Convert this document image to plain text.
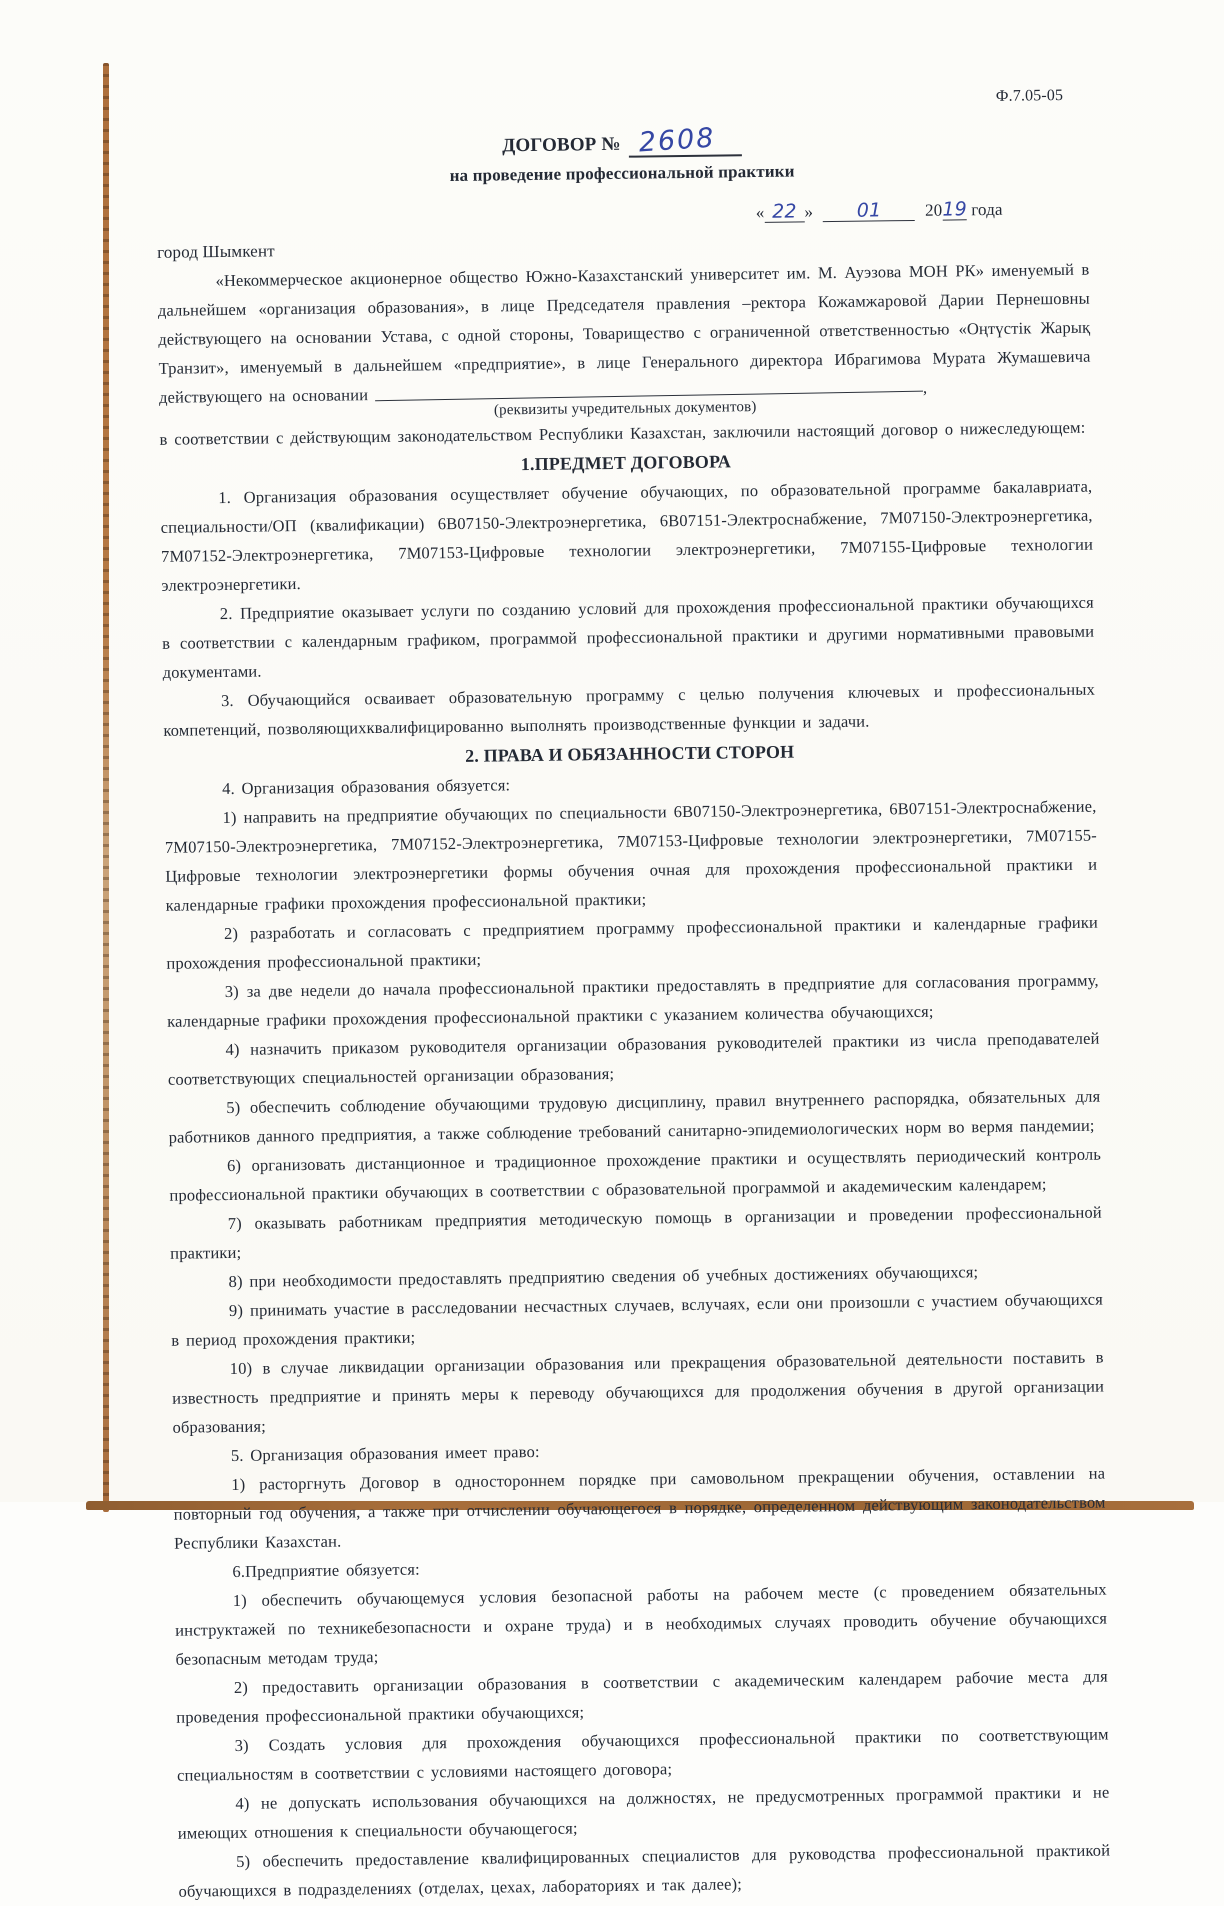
Ф.7.05-05
ДОГОВОР № 2608
на проведение профессиональной практики
« 22 » 01	2019 года
город Шымкент

«Некоммерческое акционерное общество Южно-Казахстанский университет им. М. Ауэзова МОН РК» именуемый в дальнейшем «организация образования», в лице Председателя правления –ректора Кожамжаровой Дарии Пернешовны действующего на основании Устава, с одной стороны, Товарищество с ограниченной ответственностью «Оңтүстік Жарық Транзит», именуемый в дальнейшем «предприятие», в лице Генерального директора Ибрагимова Мурата Жумашевича действующего на основании	,

(реквизиты учредительных документов)

в соответствии с действующим законодательством Республики Казахстан, заключили настоящий договор о нижеследующем:

1.ПРЕДМЕТ ДОГОВОРА

1. Организация образования осуществляет обучение обучающих, по образовательной программе бакалавриата, специальности/ОП (квалификации) 6В07150-Электроэнергетика, 6В07151-Электроснабжение, 7М07150-Электроэнергетика, 7М07152-Электроэнергетика, 7М07153-Цифровые технологии электроэнергетики, 7М07155-Цифровые технологии электроэнергетики.

2. Предприятие оказывает услуги по созданию условий для прохождения профессиональной практики обучающихся в соответствии с календарным графиком, программой профессиональной практики и другими нормативными правовыми документами.

3. Обучающийся осваивает образовательную программу с целью получения ключевых и профессиональных компетенций, позволяющихквалифицированно выполнять производственные функции и задачи.

2. ПРАВА И ОБЯЗАННОСТИ СТОРОН

4. Организация образования обязуется:

1) направить на предприятие обучающих по специальности 6В07150-Электроэнергетика, 6В07151-Электроснабжение, 7М07150-Электроэнергетика, 7М07152-Электроэнергетика, 7М07153-Цифровые технологии электроэнергетики, 7М07155-Цифровые технологии электроэнергетики формы обучения очная для прохождения профессиональной практики и календарные графики прохождения профессиональной практики;

2) разработать и согласовать с предприятием программу профессиональной практики и календарные графики прохождения профессиональной практики;

3) за две недели до начала профессиональной практики предоставлять в предприятие для согласования программу, календарные графики прохождения профессиональной практики с указанием количества обучающихся;

4) назначить приказом руководителя организации образования руководителей практики из числа преподавателей соответствующих специальностей организации образования;

5) обеспечить соблюдение обучающими трудовую дисциплину, правил внутреннего распорядка, обязательных для работников данного предприятия, а также соблюдение требований санитарно-эпидемиологических норм во вермя пандемии;

6) организовать дистанционное и традиционное прохождение практики и осуществлять периодический контроль профессиональной практики обучающих в соответствии с образовательной программой и академическим календарем;

7) оказывать работникам предприятия методическую помощь в организации и проведении профессиональной практики;

8) при необходимости предоставлять предприятию сведения об учебных достижениях обучающихся;

9) принимать участие в расследовании несчастных случаев, вслучаях, если они произошли с участием обучающихся в период прохождения практики;

10) в случае ликвидации организации образования или прекращения образовательной деятельности поставить в известность предприятие и принять меры к переводу обучающихся для продолжения обучения в другой организации образования;

5. Организация образования имеет право:

1) расторгнуть Договор в одностороннем порядке при самовольном прекращении обучения, оставлении на повторный год обучения, а также при отчислении обучающегося в порядке, определенном действующим законодательством Республики Казахстан.

6.Предприятие обязуется:

1) обеспечить обучающемуся условия безопасной работы на рабочем месте (с проведением обязательных инструктажей по техникебезопасности и охране труда) и в необходимых случаях проводить обучение обучающихся безопасным методам труда;

2) предоставить организации образования в соответствии с академическим календарем рабочие места для проведения профессиональной практики обучающихся;

3) Создать условия для прохождения обучающихся профессиональной практики по соответствующим специальностям в соответствии с условиями настоящего договора;

4) не допускать использования обучающихся на должностях, не предусмотренных программой практики и не имеющих отношения к специальности обучающегося;

5) обеспечить предоставление квалифицированных специалистов для руководства профессиональной практикой обучающихся в подразделениях (отделах, цехах, лабораториях и так далее);
